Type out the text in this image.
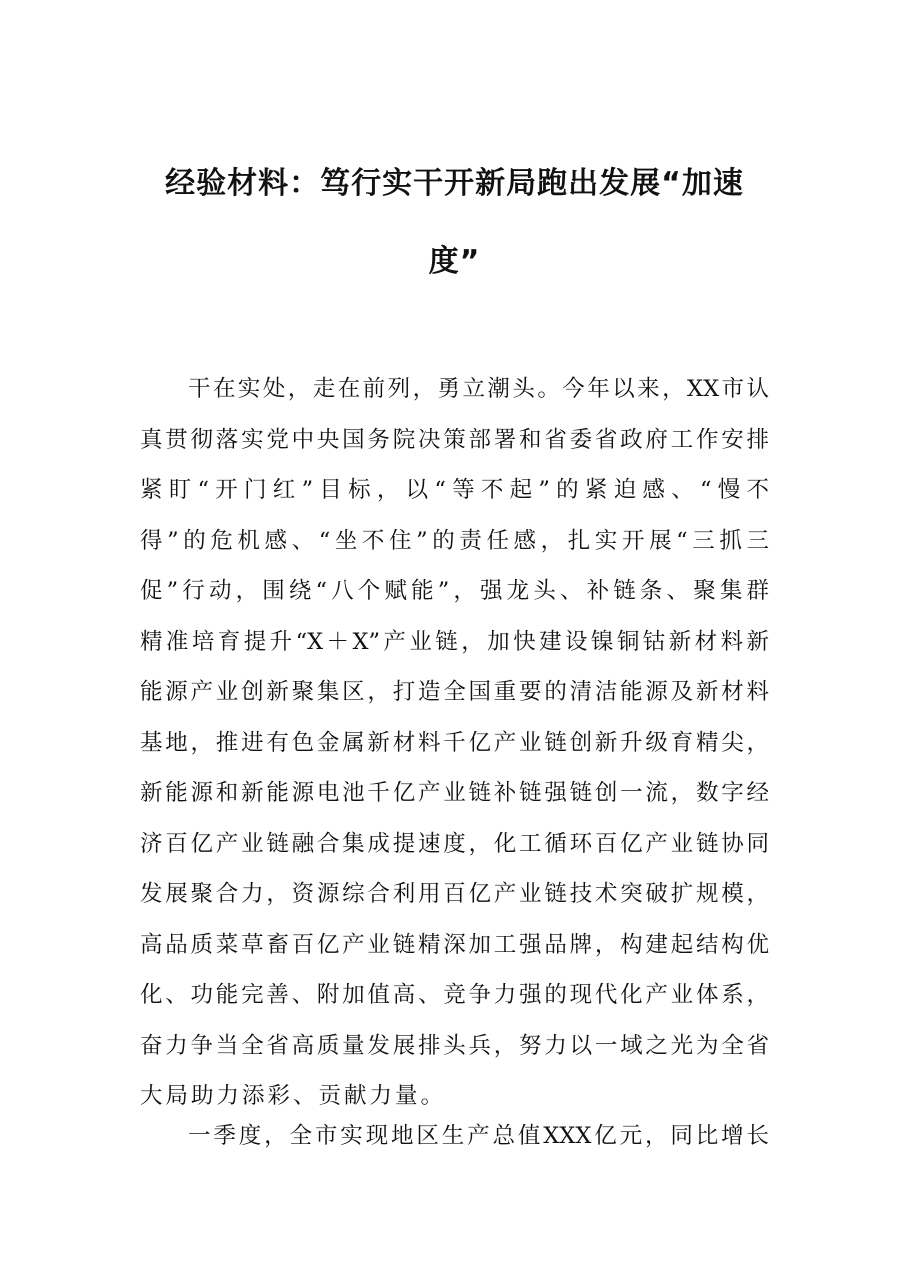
经验材料：笃行实干开新局跑出发展“加速
度”
干在实处，走在前列，勇立潮头。今年以来，XX市认
真贯彻落实党中央国务院决策部署和省委省政府工作安排
紧盯“开门红”目标，以“等不起”的紧迫感、“慢不
得”的危机感、“坐不住”的责任感，扎实开展“三抓三
促”行动，围绕“八个赋能”，强龙头、补链条、聚集群
精准培育提升“X＋X”产业链，加快建设镍铜钴新材料新
能源产业创新聚集区，打造全国重要的清洁能源及新材料
基地，推进有色金属新材料千亿产业链创新升级育精尖，
新能源和新能源电池千亿产业链补链强链创一流，数字经
济百亿产业链融合集成提速度，化工循环百亿产业链协同
发展聚合力，资源综合利用百亿产业链技术突破扩规模，
高品质菜草畜百亿产业链精深加工强品牌，构建起结构优
化、功能完善、附加值高、竞争力强的现代化产业体系，
奋力争当全省高质量发展排头兵，努力以一域之光为全省
大局助力添彩、贡献力量。
一季度，全市实现地区生产总值XXX亿元，同比增长
